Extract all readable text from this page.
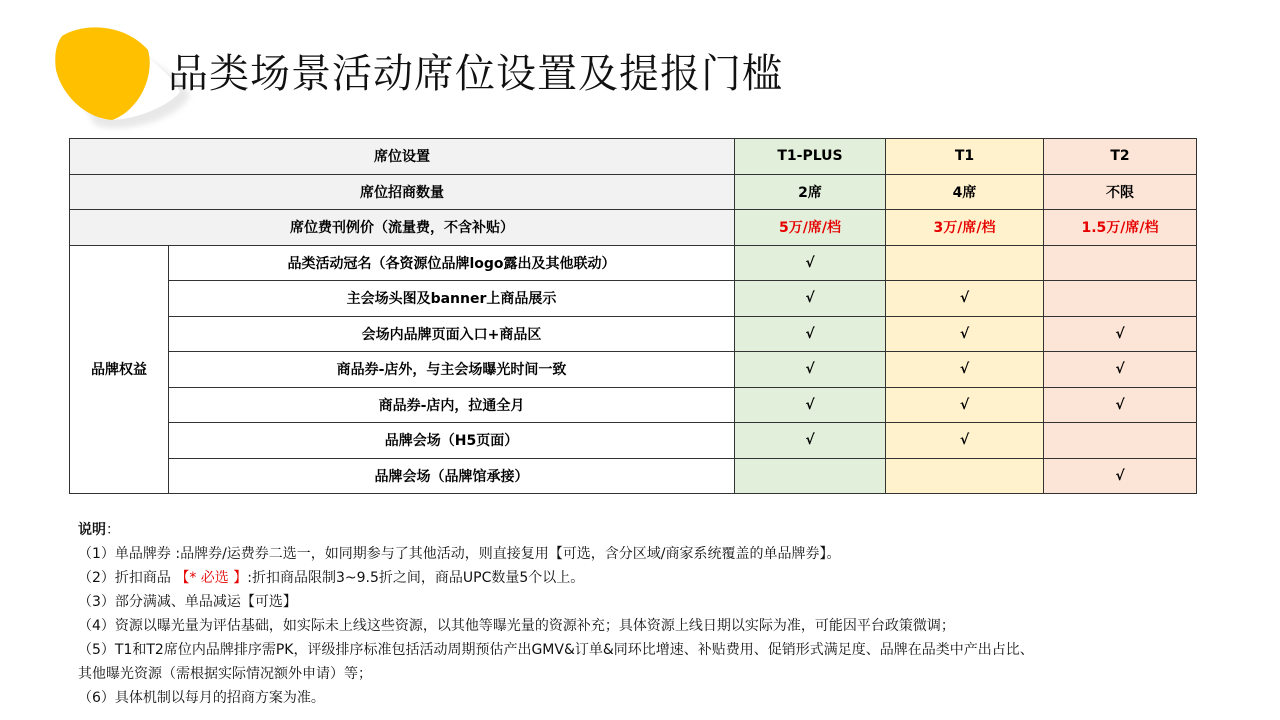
品类场景活动席位设置及提报门槛
席位设置		T1-PLUS	T1	T2
席位招商数量		2席	4席	不限
席位费刊例价（流量费，不含补贴）		5万/席/档	3万/席/档	1.5万/席/档
品牌权益	品类活动冠名（各资源位品牌logo露出及其他联动）	√		
	主会场头图及banner上商品展示	√	√	
	会场内品牌页面入口+商品区	√	√	√
	商品券-店外，与主会场曝光时间一致	√	√	√
	商品券-店内，拉通全月	√	√	√
	品牌会场（H5页面）	√	√	
	品牌会场（品牌馆承接）			√

说明：

（1）单品牌券 :品牌券/运费券二选一，如同期参与了其他活动，则直接复用【可选，含分区域/商家系统覆盖的单品牌券】。

（2）折扣商品 【* 必选 】:折扣商品限制3~9.5折之间，商品UPC数量5个以上。

（3）部分满减、单品减运【可选】

（4）资源以曝光量为评估基础，如实际未上线这些资源，以其他等曝光量的资源补充；具体资源上线日期以实际为准，可能因平台政策微调；

（5）T1和T2席位内品牌排序需PK，评级排序标准包括活动周期预估产出GMV&订单&同环比增速、补贴费用、促销形式满足度、品牌在品类中产出占比、

其他曝光资源（需根据实际情况额外申请）等；

（6）具体机制以每月的招商方案为准。
